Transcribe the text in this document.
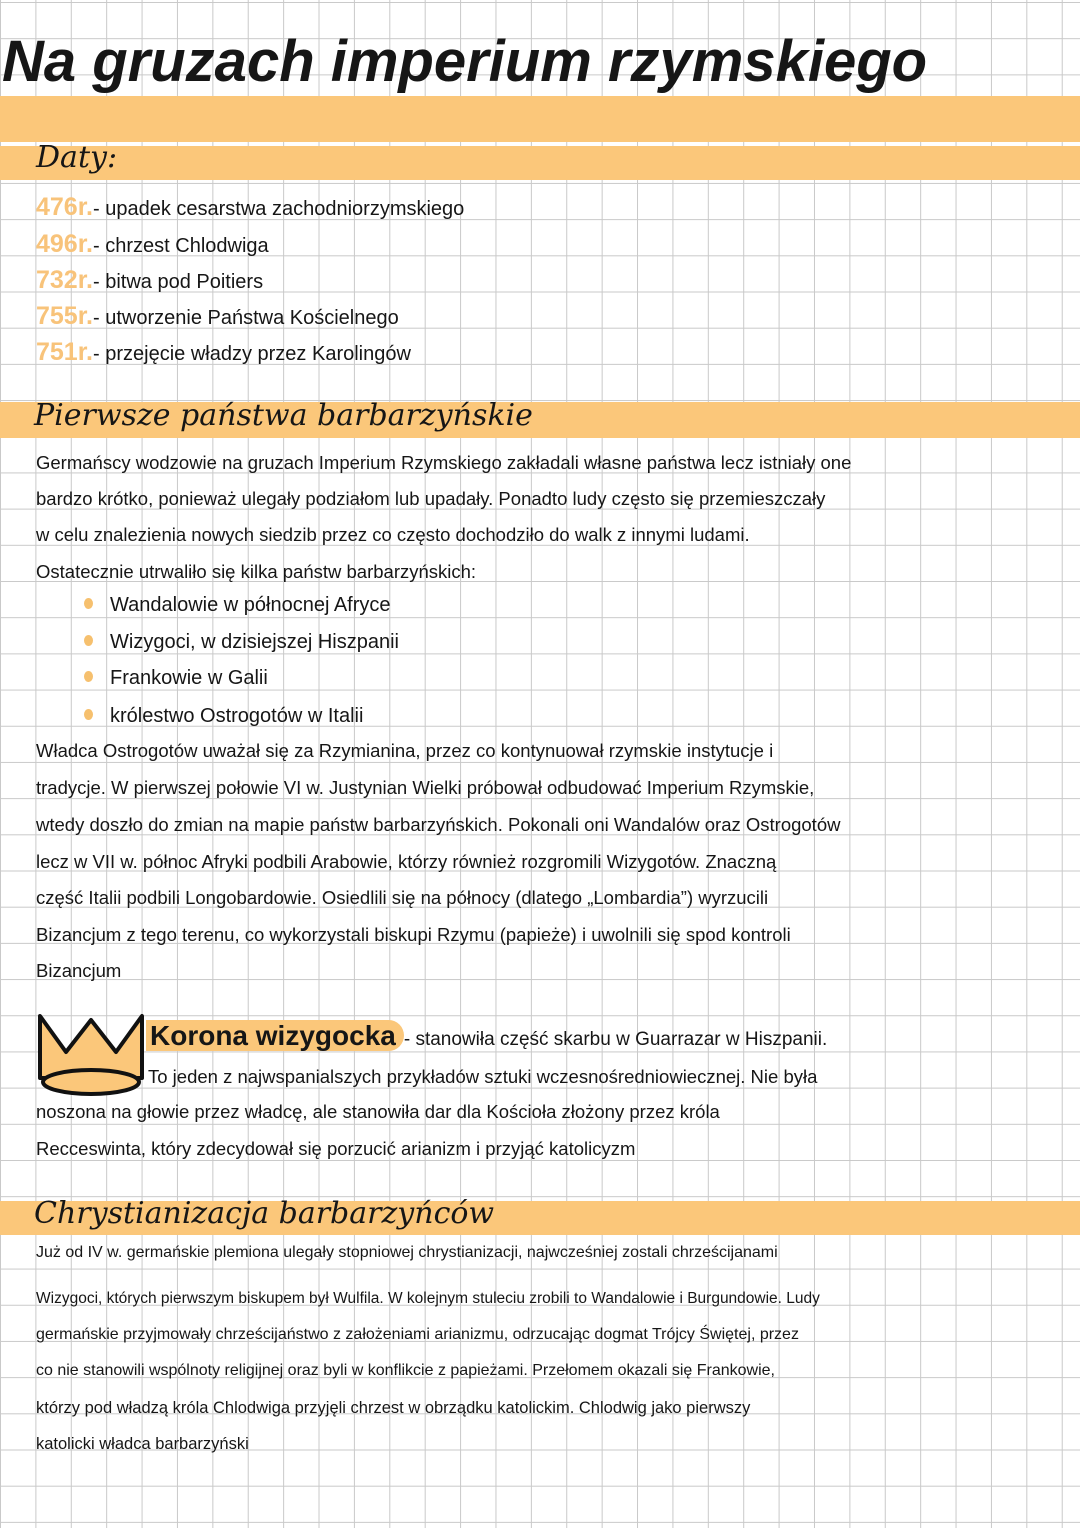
Na gruzach imperium rzymskiego
Daty:
476r.- upadek cesarstwa zachodniorzymskiego
496r.- chrzest Chlodwiga
732r.- bitwa pod Poitiers
755r.- utworzenie Państwa Kościelnego
751r.- przejęcie władzy przez Karolingów
Pierwsze państwa barbarzyńskie
Germańscy wodzowie na gruzach Imperium Rzymskiego zakładali własne państwa lecz istniały one
bardzo krótko, ponieważ ulegały podziałom lub upadały. Ponadto ludy często się przemieszczały
w celu znalezienia nowych siedzib przez co często dochodziło do walk z innymi ludami.
Ostatecznie utrwaliło się kilka państw barbarzyńskich:
Wandalowie w północnej Afryce
Wizygoci, w dzisiejszej Hiszpanii
Frankowie w Galii
królestwo Ostrogotów w Italii
Władca Ostrogotów uważał się za Rzymianina, przez co kontynuował rzymskie instytucje i
tradycje. W pierwszej połowie VI w. Justynian Wielki próbował odbudować Imperium Rzymskie,
wtedy doszło do zmian na mapie państw barbarzyńskich. Pokonali oni Wandalów oraz Ostrogotów
lecz w VII w. północ Afryki podbili Arabowie, którzy również rozgromili Wizygotów. Znaczną
część Italii podbili Longobardowie. Osiedlili się na północy (dlatego „Lombardia”) wyrzucili
Bizancjum z tego terenu, co wykorzystali biskupi Rzymu (papieże) i uwolnili się spod kontroli
Bizancjum
Korona wizygocka - stanowiła część skarbu w Guarrazar w Hiszpanii.
To jeden z najwspanialszych przykładów sztuki wczesnośredniowiecznej. Nie była
noszona na głowie przez władcę, ale stanowiła dar dla Kościoła złożony przez króla
Recceswinta, który zdecydował się porzucić arianizm i przyjąć katolicyzm
Chrystianizacja barbarzyńców
Już od IV w. germańskie plemiona ulegały stopniowej chrystianizacji, najwcześniej zostali chrześcijanami
Wizygoci, których pierwszym biskupem był Wulfila. W kolejnym stuleciu zrobili to Wandalowie i Burgundowie. Ludy
germańskie przyjmowały chrześcijaństwo z założeniami arianizmu, odrzucając dogmat Trójcy Świętej, przez
co nie stanowili wspólnoty religijnej oraz byli w konflikcie z papieżami. Przełomem okazali się Frankowie,
którzy pod władzą króla Chlodwiga przyjęli chrzest w obrządku katolickim. Chlodwig jako pierwszy
katolicki władca barbarzyński
